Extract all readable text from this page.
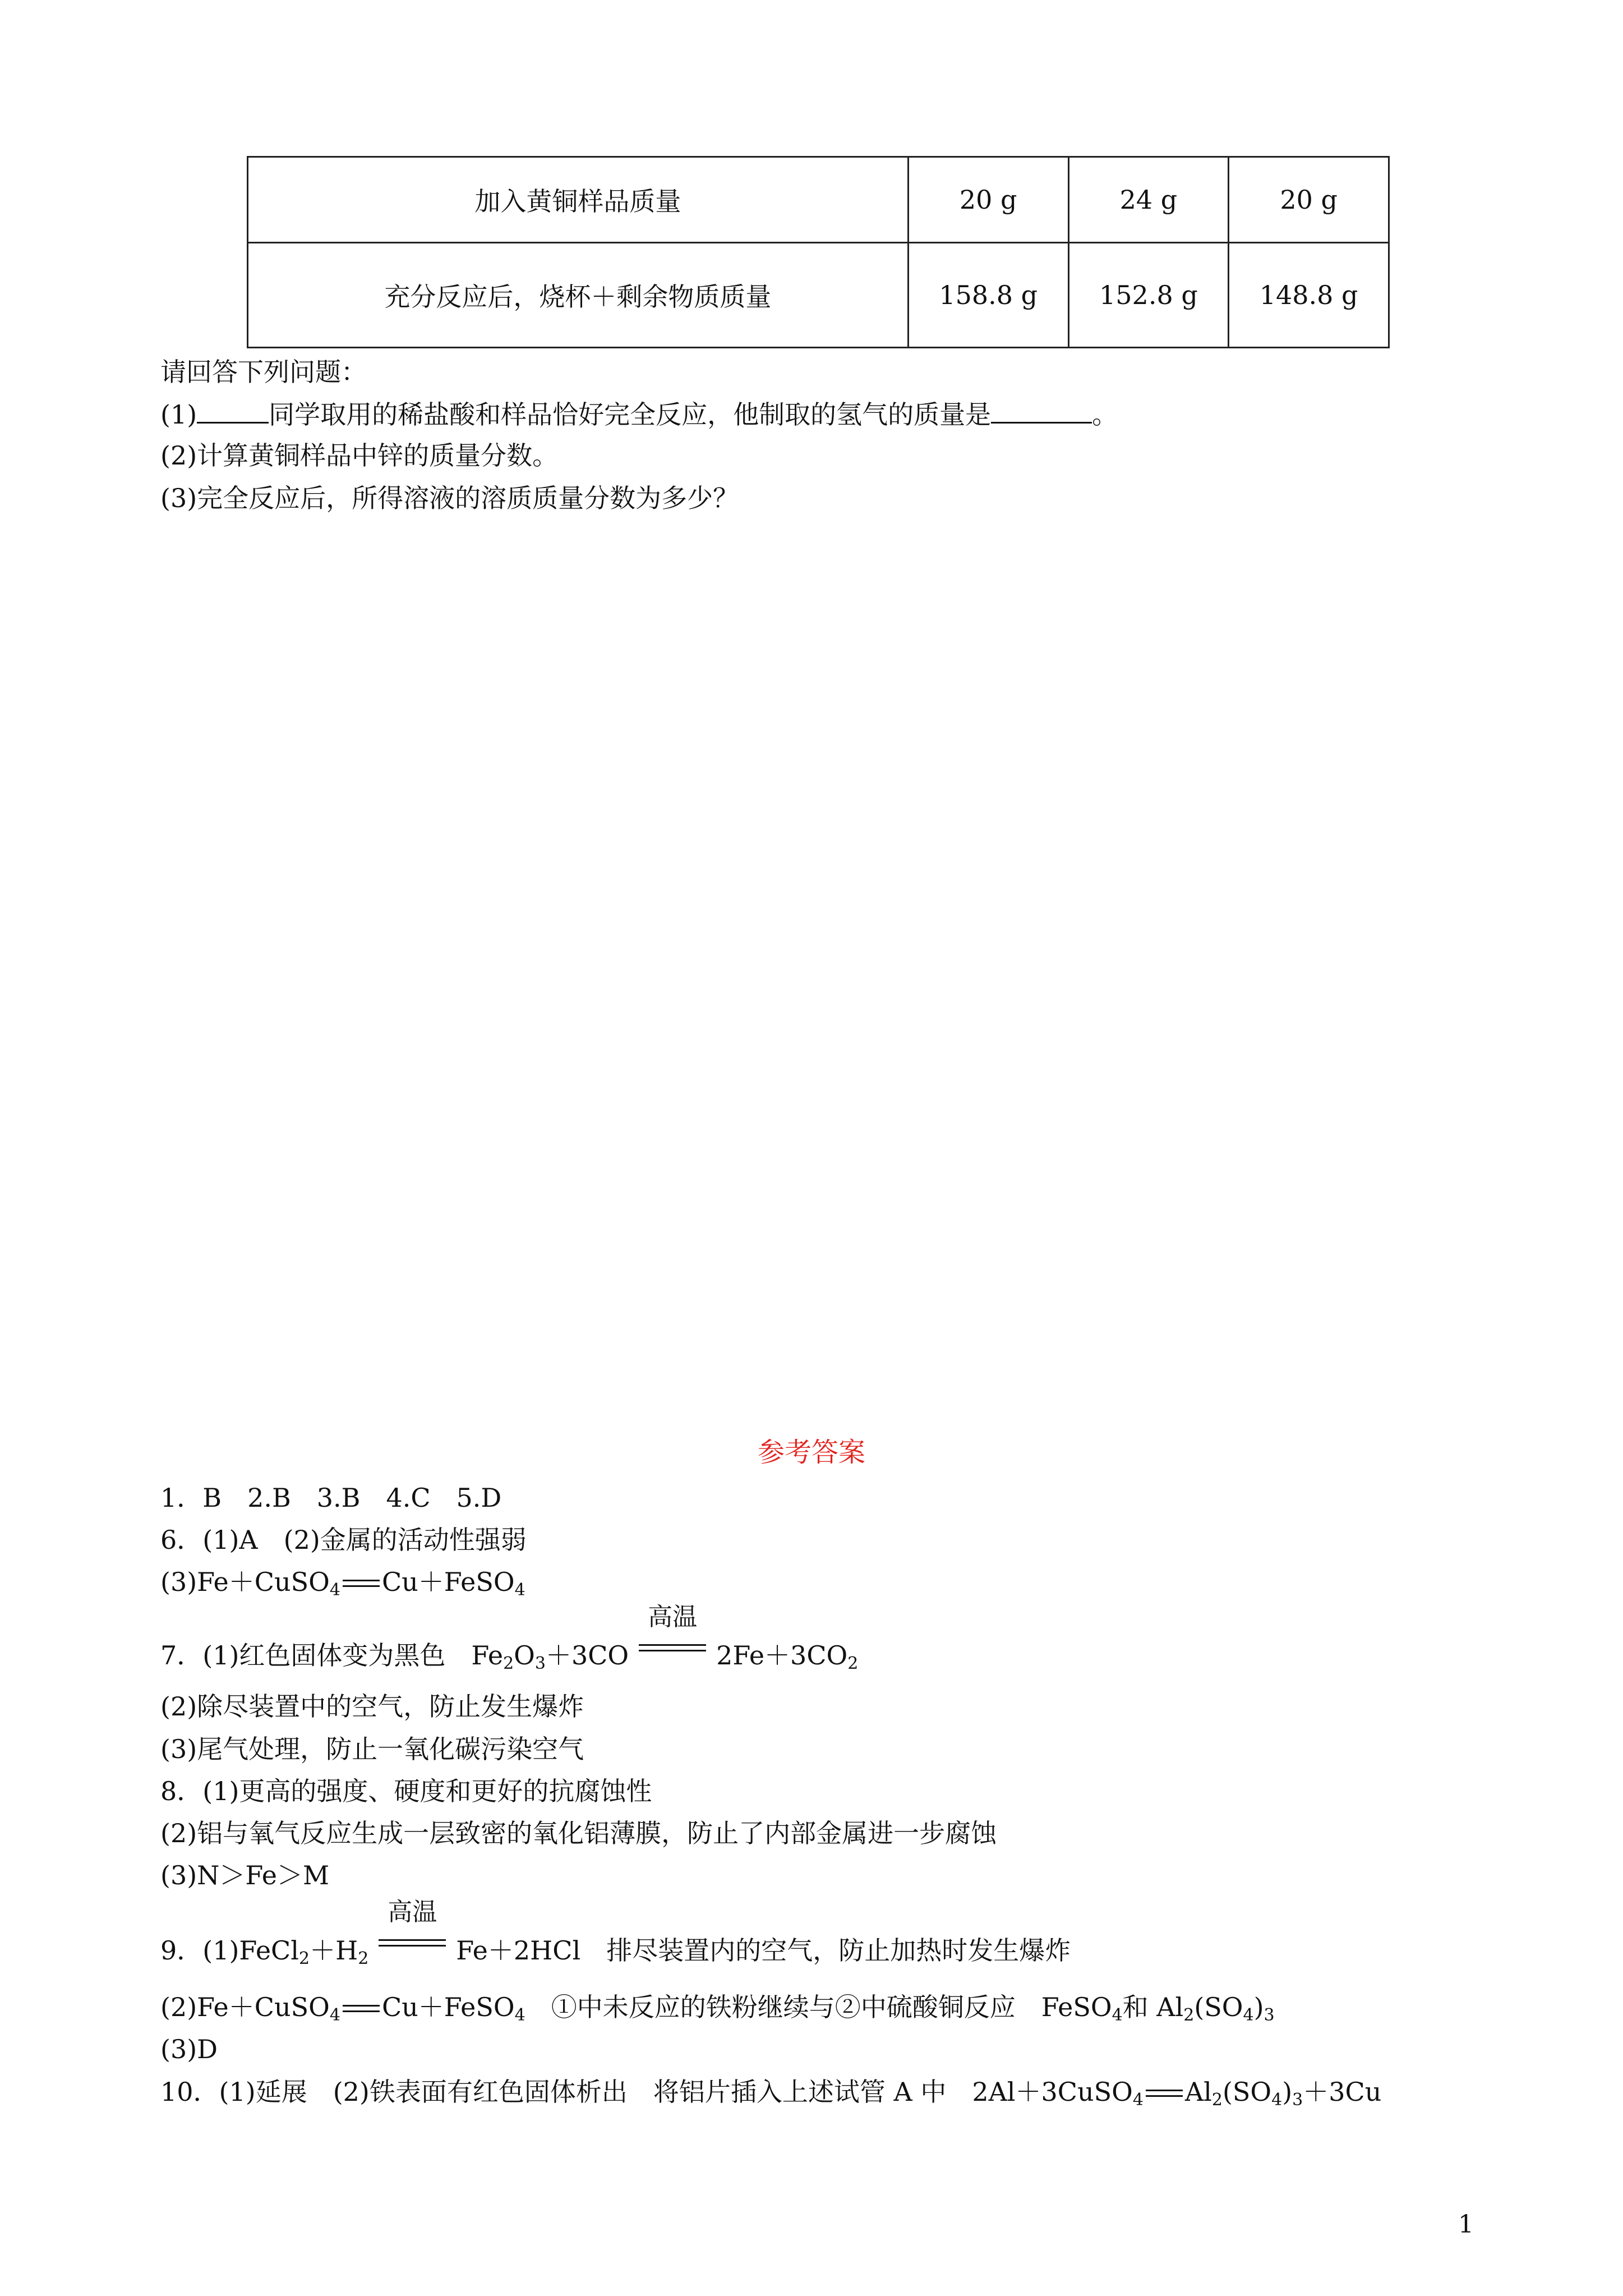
加入黄铜样品质量	20 g	24 g	20 g
充分反应后，烧杯＋剩余物质质量	158.8 g	152.8 g	148.8 g
请回答下列问题：
(1)	同学取用的稀盐酸和样品恰好完全反应，他制取的氢气的质量是	。
(2)计算黄铜样品中锌的质量分数。
(3)完全反应后，所得溶液的溶质质量分数为多少？
参考答案
1．B　2.B　3.B　4.C　5.D
6．(1)A　(2)金属的活动性强弱
(3)Fe＋CuSO$_4$ Cu＋FeSO$_4$
7．(1)红色固体变为黑色　$Fe_2O_3+3CO$
高温
$2Fe+3CO_2$
(2)除尽装置中的空气，防止发生爆炸
(3)尾气处理，防止一氧化碳污染空气
8．(1)更高的强度、硬度和更好的抗腐蚀性
(2)铝与氧气反应生成一层致密的氧化铝薄膜，防止了内部金属进一步腐蚀
(3)N＞Fe＞M
9．$(1)FeCl_2+H_2$
高温
Fe＋2HCl　排尽装置内的空气，防止加热时发生爆炸
(2)Fe＋CuSO$_4$ Cu＋FeSO$_4$　①中未反应的铁粉继续与②中硫酸铜反应　FeSO$_4$和 $Al_2(SO_4)_3$
(3)D
10．(1)延展　(2)铁表面有红色固体析出　将铝片插入上述试管 A 中　2Al＋3CuSO$_4$ $Al_2(SO_4)_3+3Cu$
1
